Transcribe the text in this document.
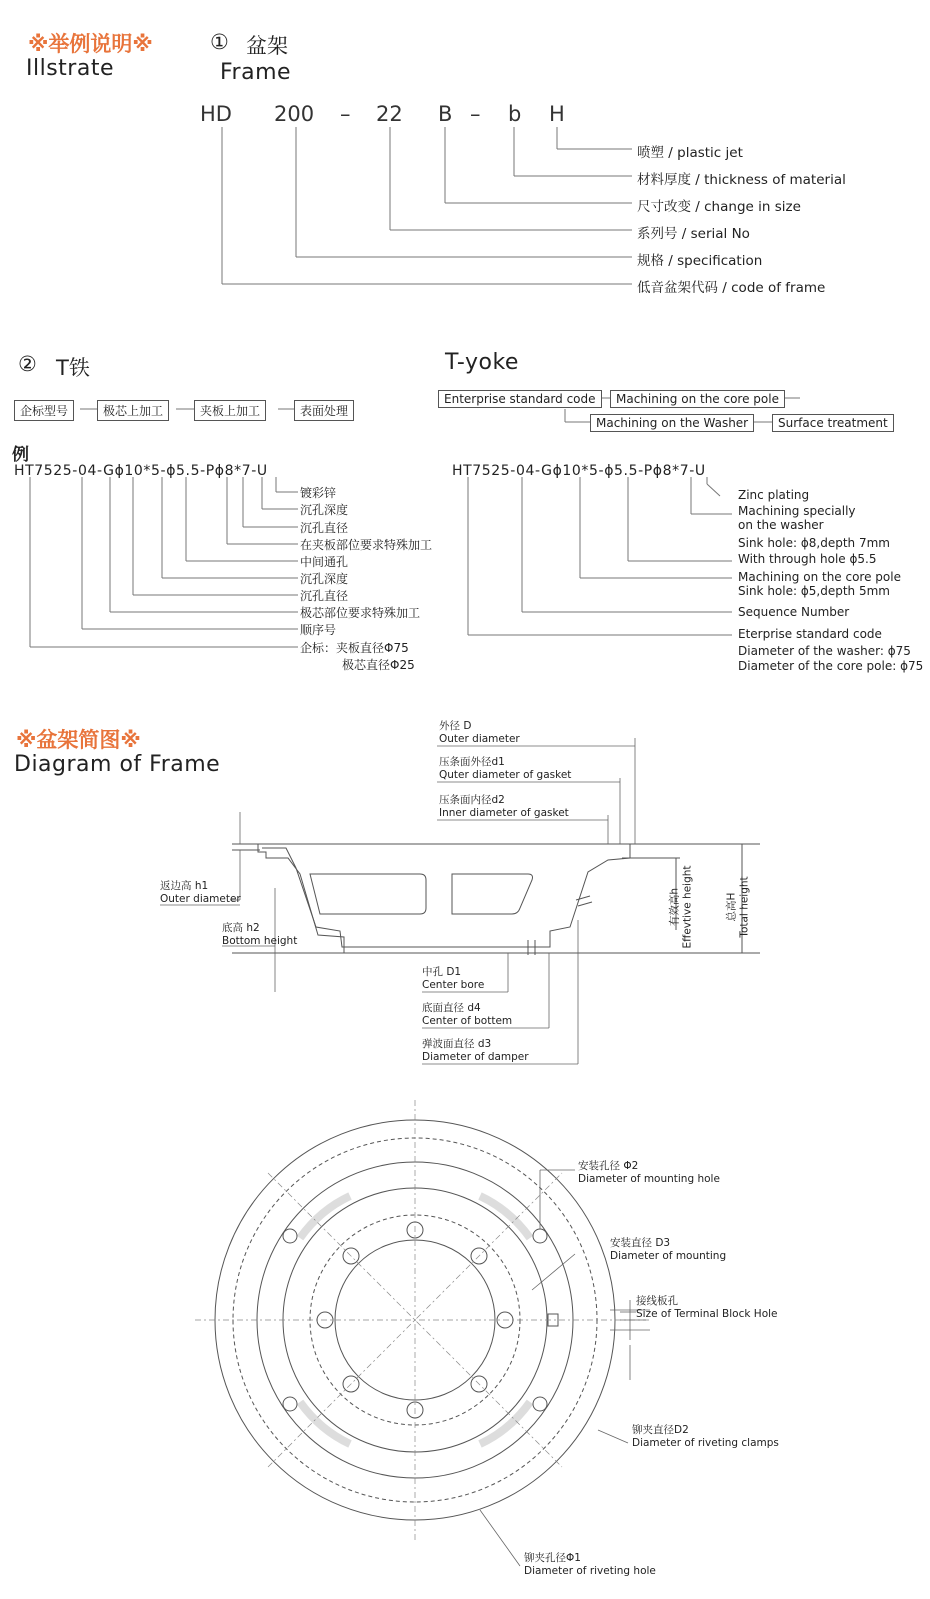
※举例说明※
Illstrate
① 盆架
Frame
HD 200 – 22 B – b H
喷塑 / plastic jet
材料厚度 / thickness of material
尺寸改变 / change in size
系列号 / serial No
规格 / specification
低音盆架代码 / code of frame
② T铁	T-yoke
企标型号	极芯上加工	夹板上加工	表面处理
Enterprise standard code	Machining on the core pole
Machining on the Washer	Surface treatment
例
HT7525-04-Gϕ10*5-ϕ5.5-Pϕ8*7-U	HT7525-04-Gϕ10*5-ϕ5.5-Pϕ8*7-U
镀彩锌
沉孔深度
沉孔直径
在夹板部位要求特殊加工
中间通孔
沉孔深度
沉孔直径
极芯部位要求特殊加工
顺序号
企标：夹板直径Φ75
极芯直径Φ25
Zinc plating
Machining specially
on the washer
Sink hole: ϕ8,depth 7mm
With through hole ϕ5.5
Machining on the core pole
Sink hole: ϕ5,depth 5mm
Sequence Number
Eterprise standard code
Diameter of the washer: ϕ75
Diameter of the core pole: ϕ75
※盆架简图※
Diagram of Frame
外径 D
Outer diameter
压条面外径d1
Quter diameter of gasket
压条面内径d2
Inner diameter of gasket
返边高 h1
Outer diameter
底高 h2
Bottom height
中孔 D1
Center bore
底面直径 d4
Center of bottem
弹波面直径 d3
Diameter of damper
有效高h Effevtive height	总高H Total height
安装孔径 Φ2
Diameter of mounting hole
安装直径 D3
Diameter of mounting
接线板孔
Size of Terminal Block Hole
铆夹直径D2
Diameter of riveting clamps
铆夹孔径Φ1
Diameter of riveting hole
